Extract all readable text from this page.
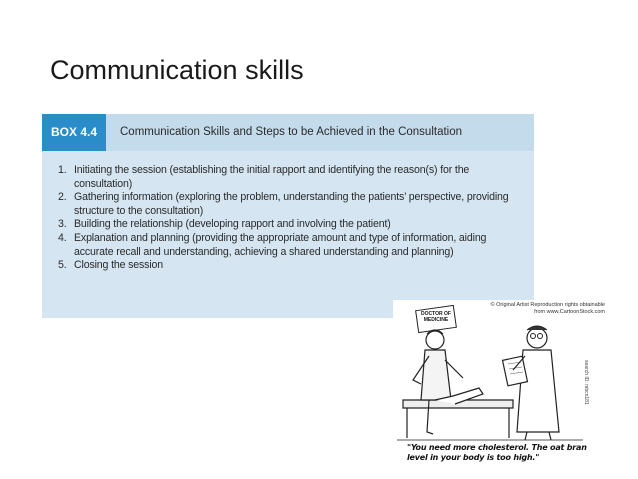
Communication skills
BOX 4.4	Communication Skills and Steps to be Achieved in the Consultation
1. Initiating the session (establishing the initial rapport and identifying the reason(s) for the consultation)
2. Gathering information (exploring the problem, understanding the patients’ perspective, providing structure to the consultation)
3. Building the relationship (developing rapport and involving the patient)
4. Explanation and planning (providing the appropriate amount and type of information, aiding accurate recall and understanding, achieving a shared understanding and planning)
5. Closing the session
© Original Artist Reproduction rights obtainable from www.CartoonStock.com
DOCTOR OF MEDICINE
search ID: mbcn181
"You need more cholesterol. The oat bran level in your body is too high."
